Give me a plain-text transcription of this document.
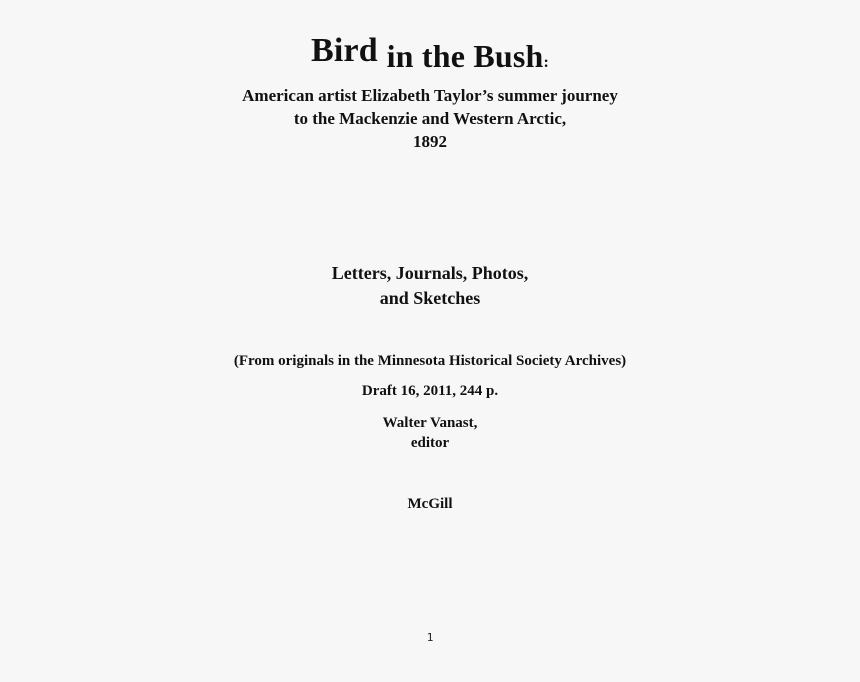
Bird in the Bush:
American artist Elizabeth Taylor’s summer journey
to the Mackenzie and Western Arctic,
1892
Letters, Journals, Photos,
and Sketches
(From originals in the Minnesota Historical Society Archives)
Draft 16, 2011, 244 p.
Walter Vanast,
editor
McGill
1
